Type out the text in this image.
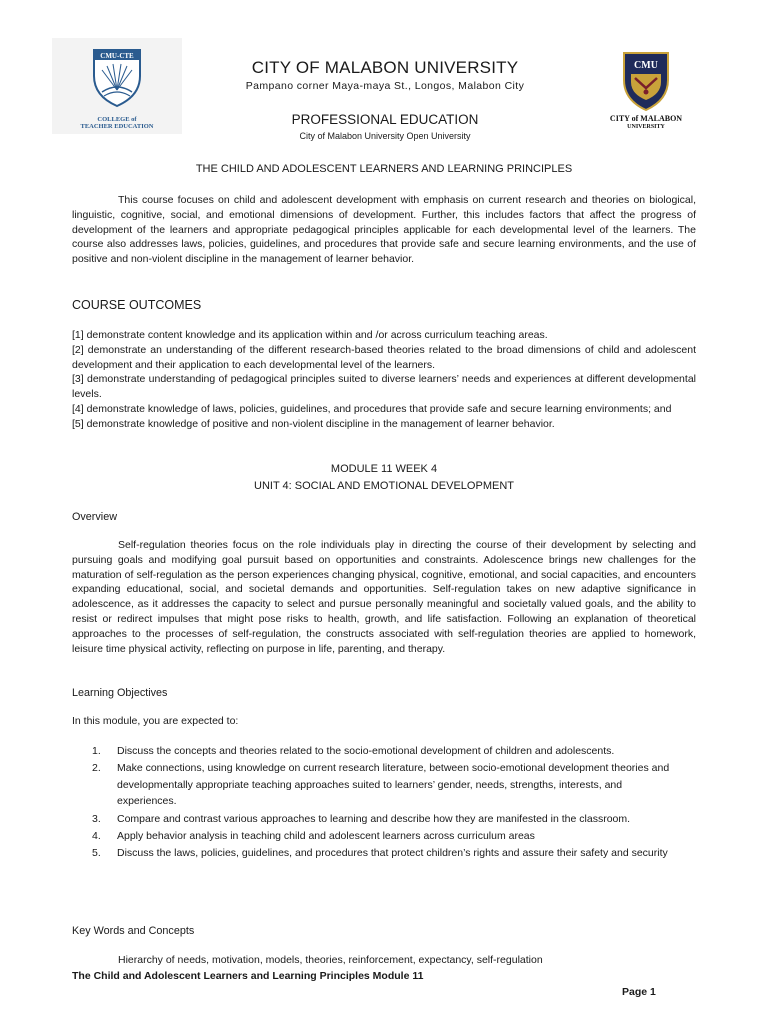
CMU-CTE
COLLEGE of
TEACHER EDUCATION
CMU
CITY of MALABON
UNIVERSITY
CITY OF MALABON UNIVERSITY
Pampano corner Maya-maya St., Longos, Malabon City
PROFESSIONAL EDUCATION
City of Malabon University Open University
THE CHILD AND ADOLESCENT LEARNERS AND LEARNING PRINCIPLES

This course focuses on child and adolescent development with emphasis on current research and theories on biological, linguistic, cognitive, social, and emotional dimensions of development. Further, this includes factors that affect the progress of development of the learners and appropriate pedagogical principles applicable for each developmental level of the learners. The course also addresses laws, policies, guidelines, and procedures that provide safe and secure learning environments, and the use of positive and non-violent discipline in the management of learner behavior.

COURSE OUTCOMES
[1] demonstrate content knowledge and its application within and /or across curriculum teaching areas.
[2] demonstrate an understanding of the different research-based theories related to the broad dimensions of child and adolescent development and their application to each developmental level of the learners.
[3] demonstrate understanding of pedagogical principles suited to diverse learners’ needs and experiences at different developmental levels.
[4] demonstrate knowledge of laws, policies, guidelines, and procedures that provide safe and secure learning environments; and
[5] demonstrate knowledge of positive and non-violent discipline in the management of learner behavior.
MODULE 11 WEEK 4
UNIT 4: SOCIAL AND EMOTIONAL DEVELOPMENT
Overview

Self-regulation theories focus on the role individuals play in directing the course of their development by selecting and pursuing goals and modifying goal pursuit based on opportunities and constraints. Adolescence brings new challenges for the maturation of self-regulation as the person experiences changing physical, cognitive, emotional, and social capacities, and encounters expanding educational, social, and societal demands and opportunities. Self-regulation takes on new adaptive significance in adolescence, as it addresses the capacity to select and pursue personally meaningful and societally valued goals, and the ability to resist or redirect impulses that might pose risks to health, growth, and life satisfaction. Following an explanation of theoretical approaches to the processes of self-regulation, the constructs associated with self-regulation theories are applied to homework, leisure time physical activity, reflecting on purpose in life, parenting, and therapy.

Learning Objectives
In this module, you are expected to:
1. Discuss the concepts and theories related to the socio-emotional development of children and adolescents.
2. Make connections, using knowledge on current research literature, between socio-emotional development theories and developmentally appropriate teaching approaches suited to learners’ gender, needs, strengths, interests, and experiences.
3. Compare and contrast various approaches to learning and describe how they are manifested in the classroom.
4. Apply behavior analysis in teaching child and adolescent learners across curriculum areas
5. Discuss the laws, policies, guidelines, and procedures that protect children’s rights and assure their safety and security
Key Words and Concepts
Hierarchy of needs, motivation, models, theories, reinforcement, expectancy, self-regulation
The Child and Adolescent Learners and Learning Principles Module 11
Page 1
